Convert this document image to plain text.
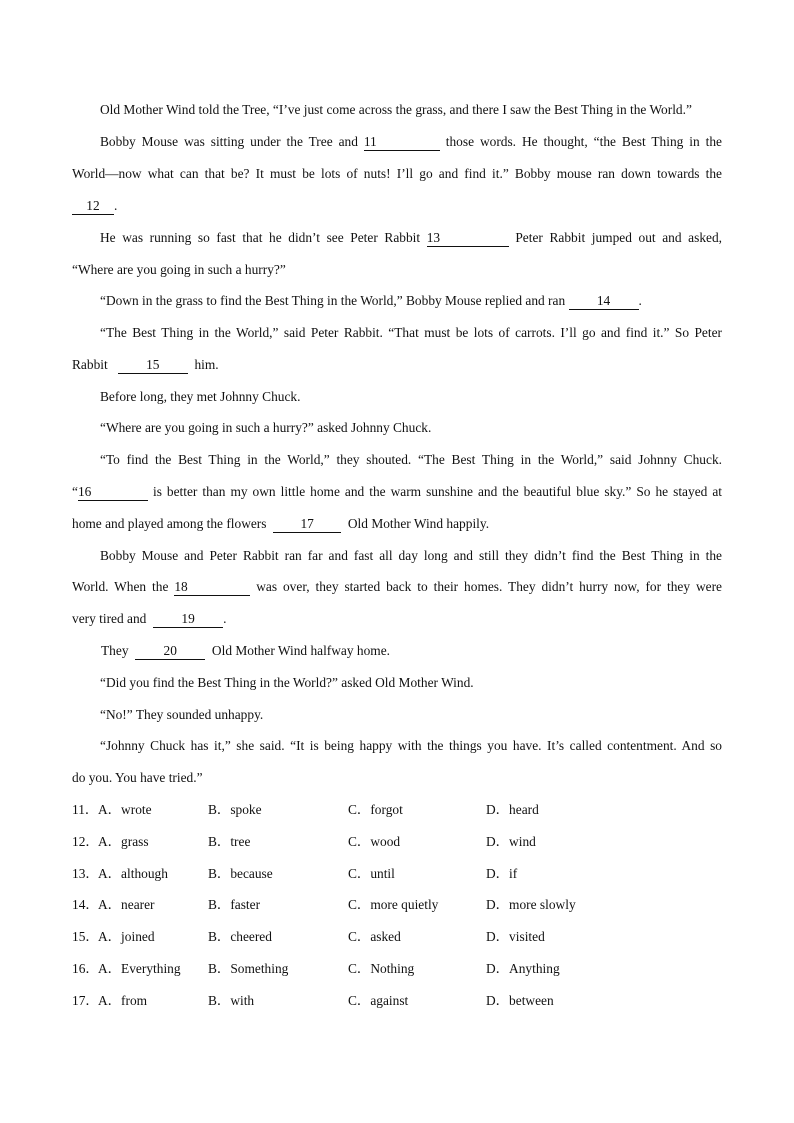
Old Mother Wind told the Tree, “I’ve just come across the grass, and there I saw the Best Thing in the World.”
Bobby Mouse was sitting under the Tree and 11	those words. He thought, “the Best Thing in the
World—now what can that be? It must be lots of nuts! I’ll go and find it.” Bobby mouse ran down towards the
12 .
He was running so fast that he didn’t see Peter Rabbit 13	Peter Rabbit jumped out and asked,
“Where are you going in such a hurry?”
“Down in the grass to find the Best Thing in the World,” Bobby Mouse replied and ran 14 .
“The Best Thing in the World,” said Peter Rabbit. “That must be lots of carrots. I’ll go and find it.” So Peter
Rabbit	15	him.
Before long, they met Johnny Chuck.
“Where are you going in such a hurry?” asked Johnny Chuck.
“To find the Best Thing in the World,” they shouted. “The Best Thing in the World,” said Johnny Chuck.
“16	is better than my own little home and the warm sunshine and the beautiful blue sky.” So he stayed at
home and played among the flowers	17	Old Mother Wind happily.
Bobby Mouse and Peter Rabbit ran far and fast all day long and still they didn’t find the Best Thing in the
World. When the 18	was over, they started back to their homes. They didn’t hurry now, for they were
very tired and	19 .
They	20	Old Mother Wind halfway home.
“Did you find the Best Thing in the World?” asked Old Mother Wind.
“No!” They sounded unhappy.
“Johnny Chuck has it,” she said. “It is being happy with the things you have. It’s called contentment. And so
do you. You have tried.”
11． A．wrote	B．spoke	C．forgot	D．heard
12． A．grass	B．tree	C．wood	D．wind
13． A．although	B．because	C．until	D．if
14． A．nearer	B．faster	C．more quietly	D．more slowly
15． A．joined	B．cheered	C．asked	D．visited
16． A．Everything B．Something	C．Nothing	D．Anything
17． A．from	B．with	C．against	D．between
